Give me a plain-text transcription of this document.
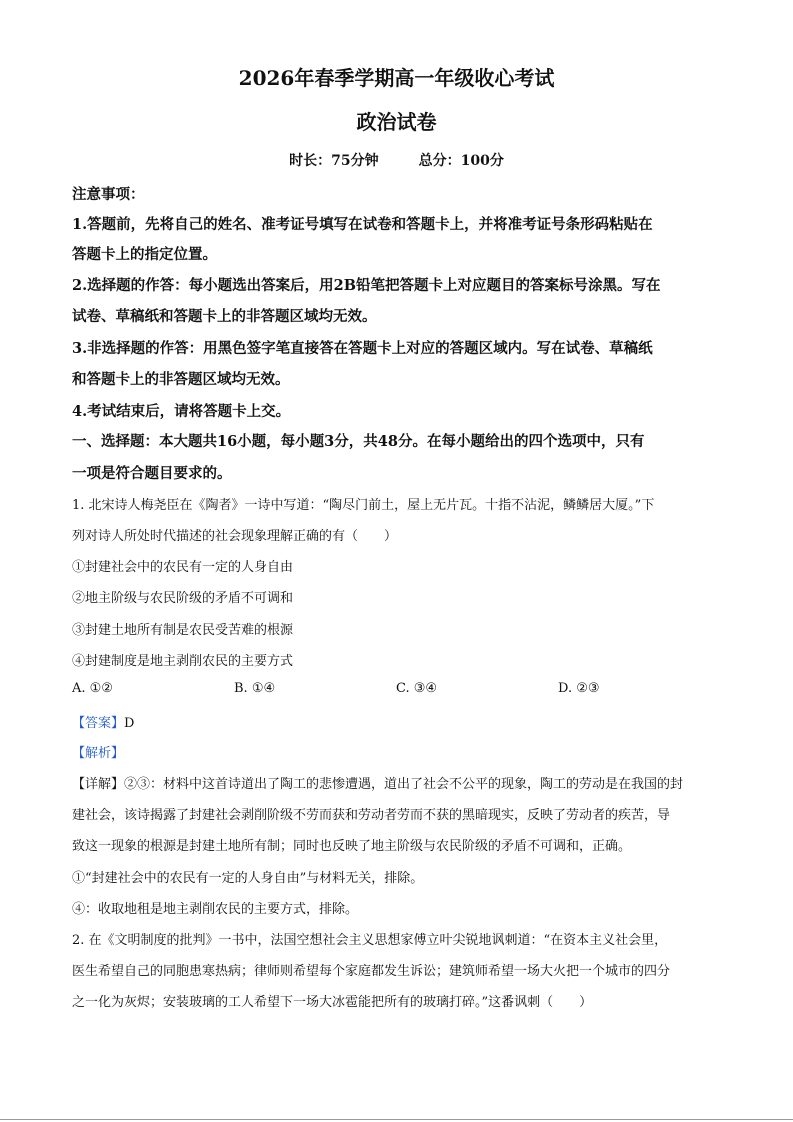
2026年春季学期高一年级收心考试
政治试卷
时长：75分钟	总分：100分
注意事项：
1.答题前，先将自己的姓名、准考证号填写在试卷和答题卡上，并将准考证号条形码粘贴在
答题卡上的指定位置。
2.选择题的作答：每小题选出答案后，用2B铅笔把答题卡上对应题目的答案标号涂黑。写在
试卷、草稿纸和答题卡上的非答题区域均无效。
3.非选择题的作答：用黑色签字笔直接答在答题卡上对应的答题区域内。写在试卷、草稿纸
和答题卡上的非答题区域均无效。
4.考试结束后，请将答题卡上交。
一、选择题：本大题共16小题，每小题3分，共48分。在每小题给出的四个选项中，只有
一项是符合题目要求的。
1. 北宋诗人梅尧臣在《陶者》一诗中写道：“陶尽门前土，屋上无片瓦。十指不沾泥，鳞鳞居大厦。”下
列对诗人所处时代描述的社会现象理解正确的有（　　）
①封建社会中的农民有一定的人身自由
②地主阶级与农民阶级的矛盾不可调和
③封建土地所有制是农民受苦难的根源
④封建制度是地主剥削农民的主要方式
A. ①②	B. ①④	C. ③④	D. ②③
【答案】D
【解析】
【详解】②③：材料中这首诗道出了陶工的悲惨遭遇，道出了社会不公平的现象，陶工的劳动是在我国的封
建社会，该诗揭露了封建社会剥削阶级不劳而获和劳动者劳而不获的黑暗现实，反映了劳动者的疾苦，导
致这一现象的根源是封建土地所有制；同时也反映了地主阶级与农民阶级的矛盾不可调和，正确。
①“封建社会中的农民有一定的人身自由”与材料无关，排除。
④：收取地租是地主剥削农民的主要方式，排除。
2. 在《文明制度的批判》一书中，法国空想社会主义思想家傅立叶尖锐地讽刺道：“在资本主义社会里，
医生希望自己的同胞患寒热病；律师则希望每个家庭都发生诉讼；建筑师希望一场大火把一个城市的四分
之一化为灰烬；安装玻璃的工人希望下一场大冰雹能把所有的玻璃打碎。”这番讽刺（　　）
